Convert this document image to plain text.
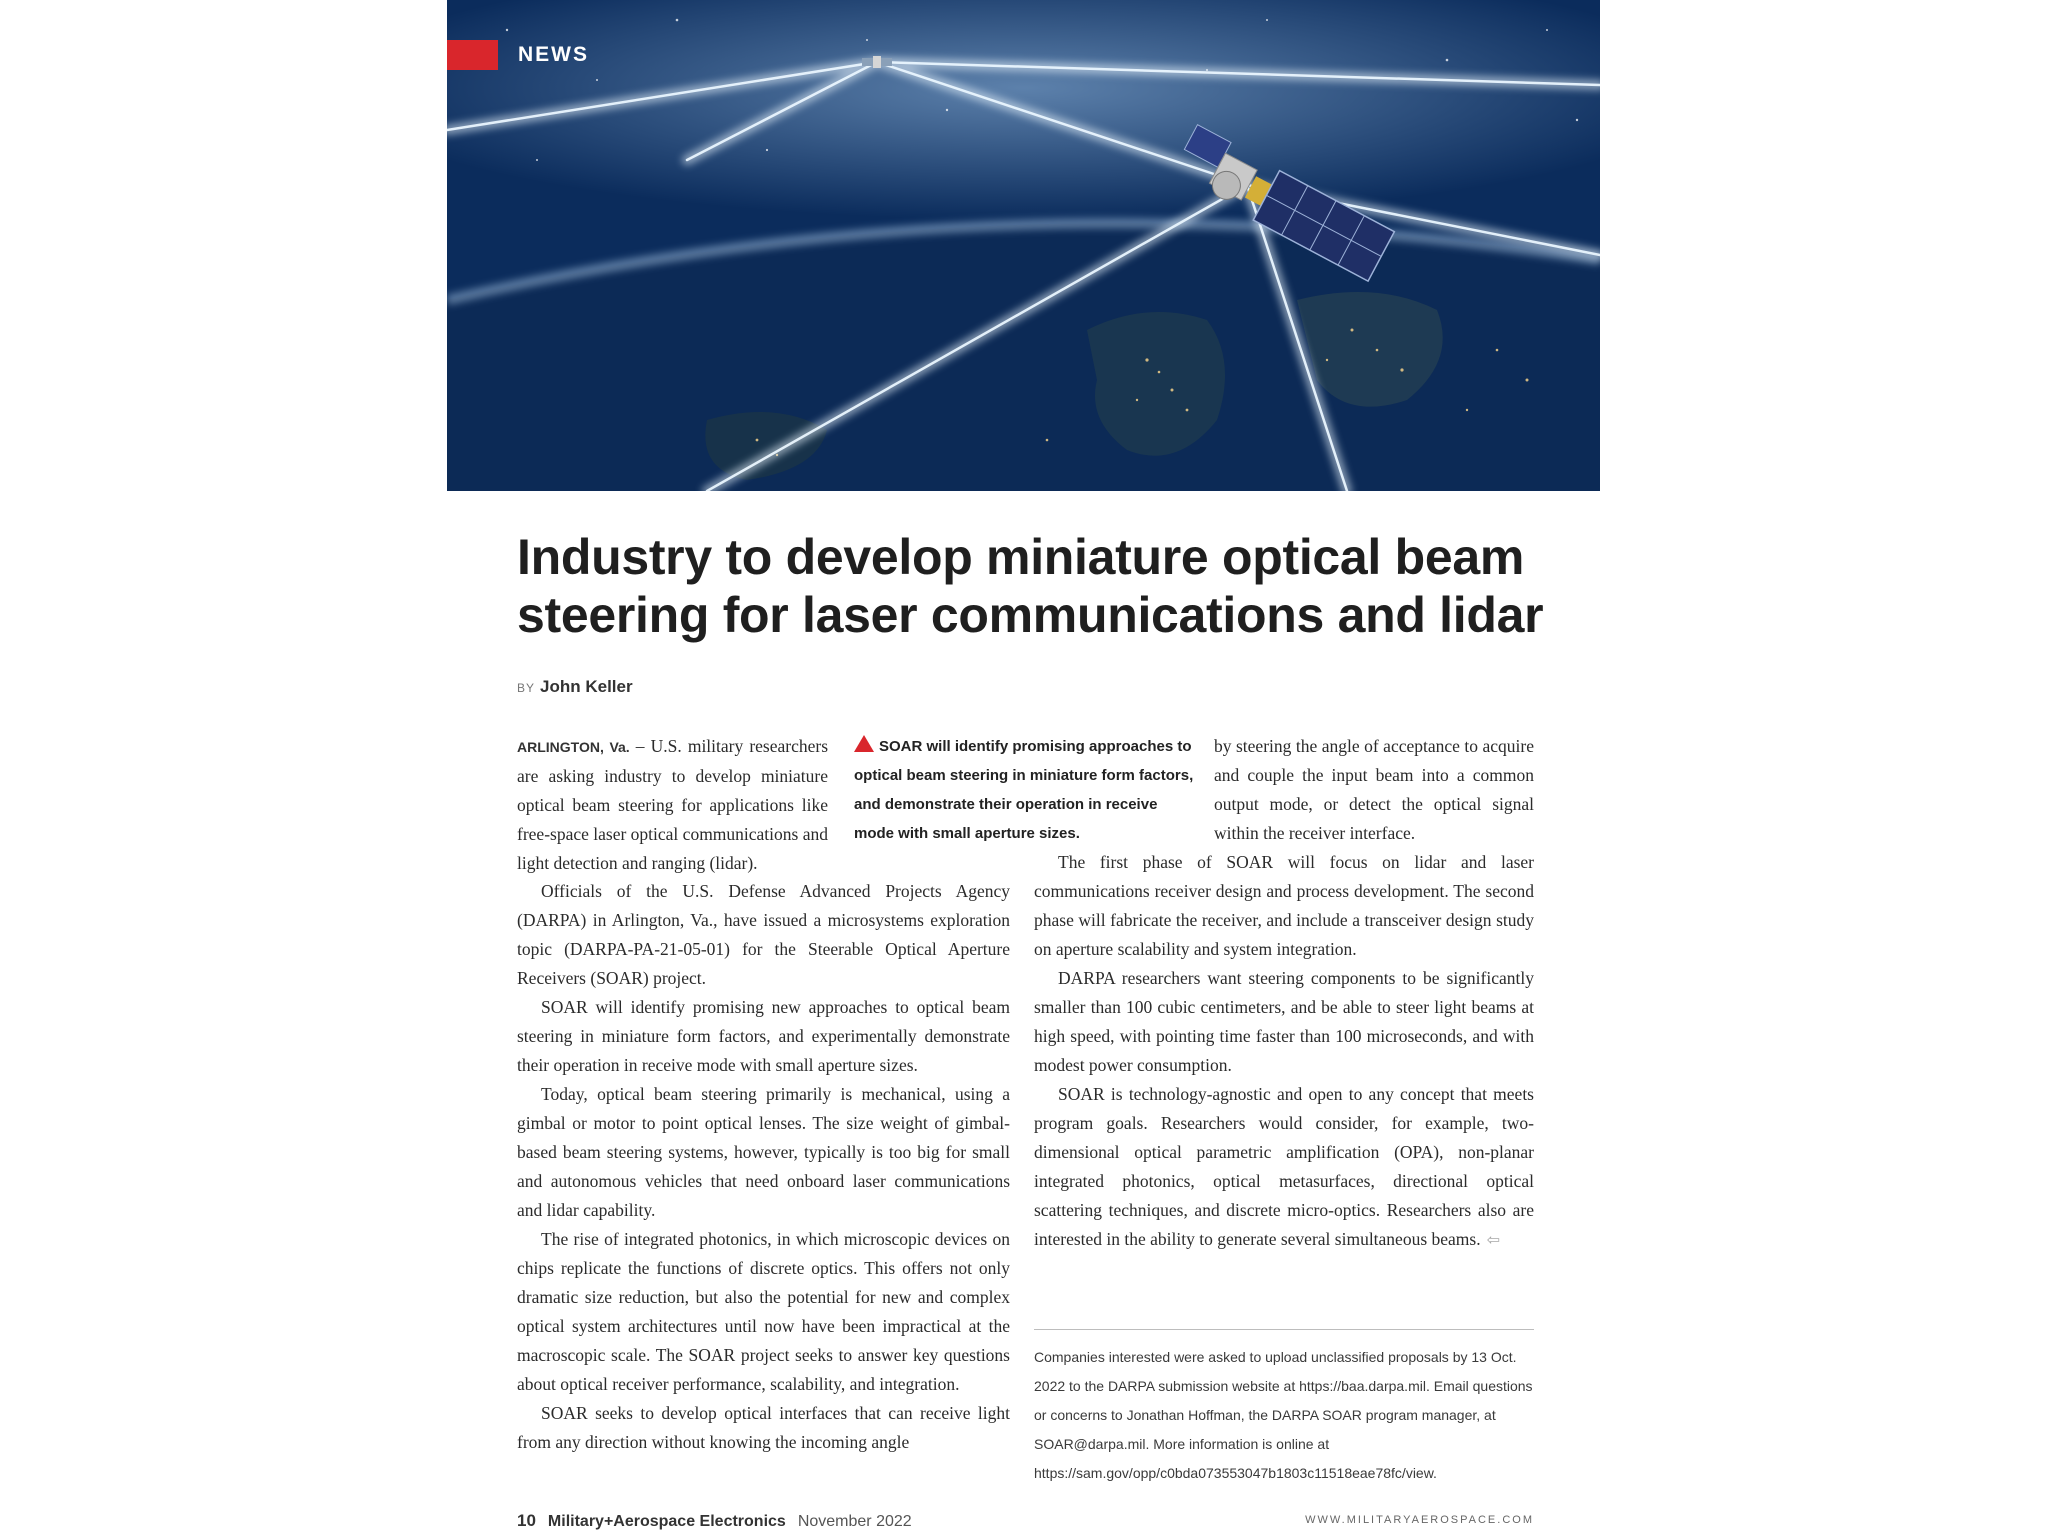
NEWS
Industry to develop miniature optical beam steering for laser communications and lidar
BY John Keller

ARLINGTON, Va. – U.S. military researchers are asking industry to develop miniature optical beam steering for applications like free-space laser optical communications and light detection and ranging (lidar).

SOAR will identify promising approaches to optical beam steering in miniature form factors, and demonstrate their operation in receive mode with small aperture sizes.

by steering the angle of acceptance to acquire and couple the input beam into a common output mode, or detect the optical signal within the receiver interface.

Officials of the U.S. Defense Advanced Projects Agency (DARPA) in Arlington, Va., have issued a microsystems exploration topic (DARPA-PA-21-05-01) for the Steerable Optical Aperture Receivers (SOAR) project.

SOAR will identify promising new approaches to optical beam steering in miniature form factors, and experimentally demonstrate their operation in receive mode with small aperture sizes.

Today, optical beam steering primarily is mechanical, using a gimbal or motor to point optical lenses. The size weight of gimbal-based beam steering systems, however, typically is too big for small and autonomous vehicles that need onboard laser communications and lidar capability.

The rise of integrated photonics, in which microscopic devices on chips replicate the functions of discrete optics. This offers not only dramatic size reduction, but also the potential for new and complex optical system architectures until now have been impractical at the macroscopic scale. The SOAR project seeks to answer key questions about optical receiver performance, scalability, and integration.

SOAR seeks to develop optical interfaces that can receive light from any direction without knowing the incoming angle

The first phase of SOAR will focus on lidar and laser communications receiver design and process development. The second phase will fabricate the receiver, and include a transceiver design study on aperture scalability and system integration.

DARPA researchers want steering components to be significantly smaller than 100 cubic centimeters, and be able to steer light beams at high speed, with pointing time faster than 100 microseconds, and with modest power consumption.

SOAR is technology-agnostic and open to any concept that meets program goals. Researchers would consider, for example, two-dimensional optical parametric amplification (OPA), non-planar integrated photonics, optical metasurfaces, directional optical scattering techniques, and discrete micro-optics. Researchers also are interested in the ability to generate several simultaneous beams. ⇦

Companies interested were asked to upload unclassified proposals by 13 Oct. 2022 to the DARPA submission website at https://baa.darpa.mil. Email questions or concerns to Jonathan Hoffman, the DARPA SOAR program manager, at SOAR@darpa.mil. More information is online at https://sam.gov/opp/c0bda073553047b1803c11518eae78fc/view.
10 Military+Aerospace Electronics November 2022	WWW.MILITARYAEROSPACE.COM
